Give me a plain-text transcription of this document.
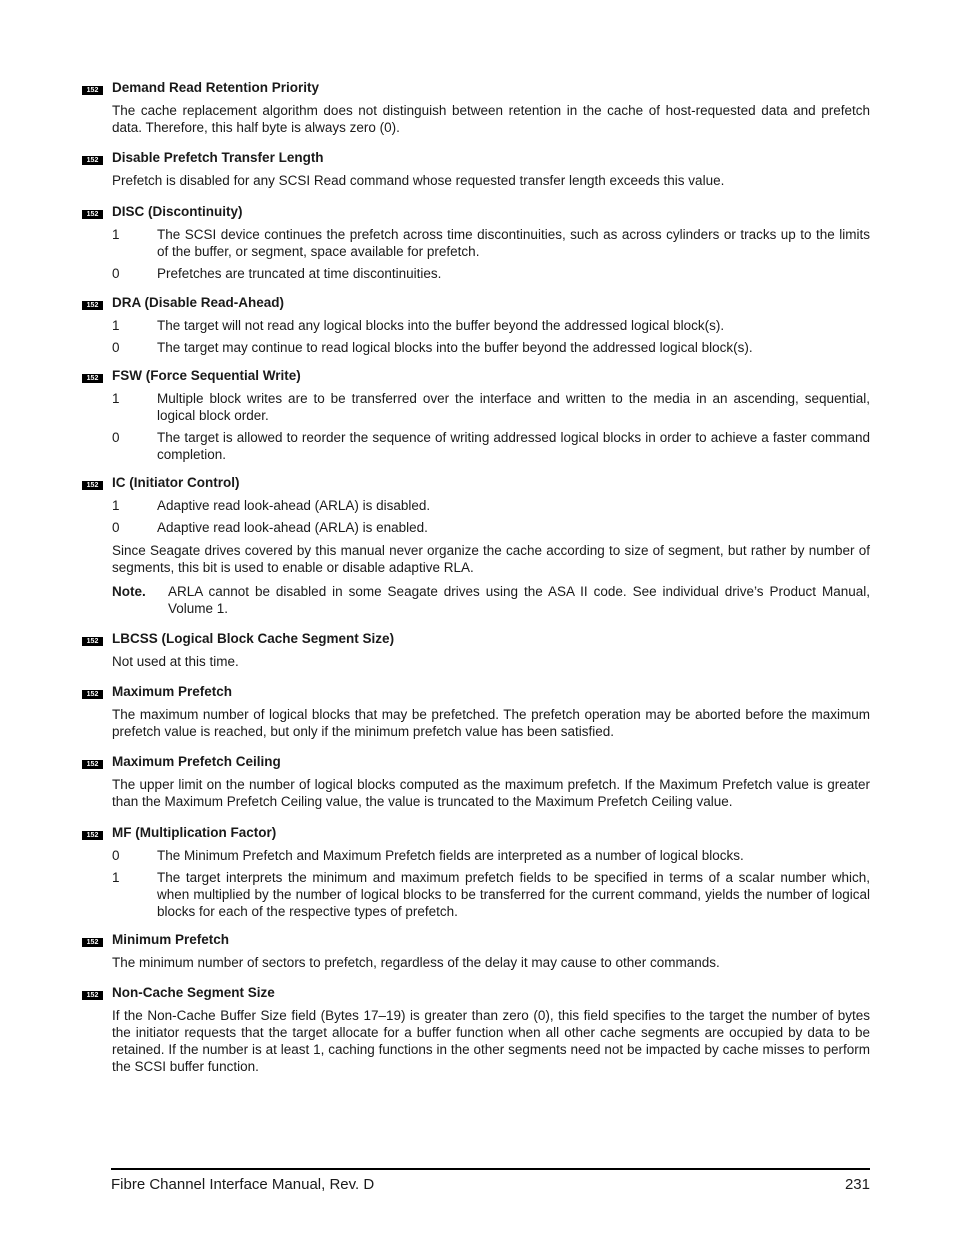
152	Demand Read Retention Priority
The cache replacement algorithm does not distinguish between retention in the cache of host-requested data and prefetch data. Therefore, this half byte is always zero (0).
152	Disable Prefetch Transfer Length
Prefetch is disabled for any SCSI Read command whose requested transfer length exceeds this value.
152	DISC (Discontinuity)
1	The SCSI device continues the prefetch across time discontinuities, such as across cylinders or tracks up to the limits of the buffer, or segment, space available for prefetch.
0	Prefetches are truncated at time discontinuities.
152	DRA (Disable Read-Ahead)
1	The target will not read any logical blocks into the buffer beyond the addressed logical block(s).
0	The target may continue to read logical blocks into the buffer beyond the addressed logical block(s).
152	FSW (Force Sequential Write)
1	Multiple block writes are to be transferred over the interface and written to the media in an ascending, sequential, logical block order.
0	The target is allowed to reorder the sequence of writing addressed logical blocks in order to achieve a faster command completion.
152	IC (Initiator Control)
1	Adaptive read look-ahead (ARLA) is disabled.
0	Adaptive read look-ahead (ARLA) is enabled.
Since Seagate drives covered by this manual never organize the cache according to size of segment, but rather by number of segments, this bit is used to enable or disable adaptive RLA.
Note. ARLA cannot be disabled in some Seagate drives using the ASA II code. See individual drive’s Product Manual, Volume 1.
152	LBCSS (Logical Block Cache Segment Size)
Not used at this time.
152	Maximum Prefetch
The maximum number of logical blocks that may be prefetched. The prefetch operation may be aborted before the maximum prefetch value is reached, but only if the minimum prefetch value has been satisfied.
152	Maximum Prefetch Ceiling
The upper limit on the number of logical blocks computed as the maximum prefetch. If the Maximum Prefetch value is greater than the Maximum Prefetch Ceiling value, the value is truncated to the Maximum Prefetch Ceiling value.
152	MF (Multiplication Factor)
0	The Minimum Prefetch and Maximum Prefetch fields are interpreted as a number of logical blocks.
1	The target interprets the minimum and maximum prefetch fields to be specified in terms of a scalar number which, when multiplied by the number of logical blocks to be transferred for the current command, yields the number of logical blocks for each of the respective types of prefetch.
152	Minimum Prefetch
The minimum number of sectors to prefetch, regardless of the delay it may cause to other commands.
152	Non-Cache Segment Size
If the Non-Cache Buffer Size field (Bytes 17–19) is greater than zero (0), this field specifies to the target the number of bytes the initiator requests that the target allocate for a buffer function when all other cache segments are occupied by data to be retained. If the number is at least 1, caching functions in the other segments need not be impacted by cache misses to perform the SCSI buffer function.
Fibre Channel Interface Manual, Rev. D	231
